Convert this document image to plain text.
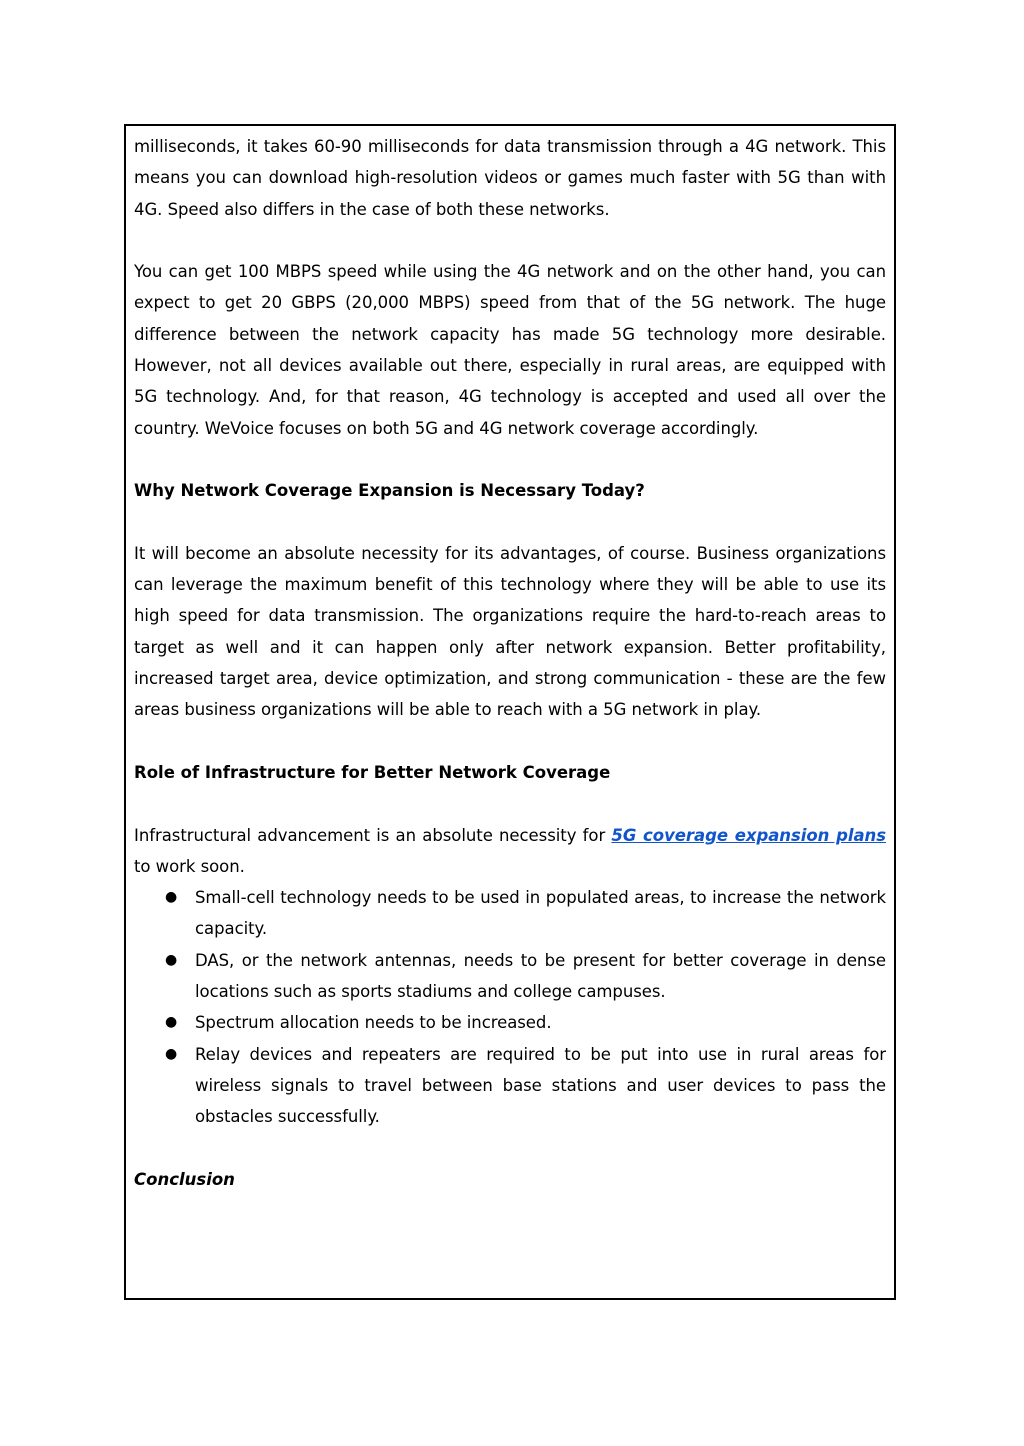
milliseconds, it takes 60-90 milliseconds for data transmission through a 4G network. This means you can download high-resolution videos or games much faster with 5G than with 4G. Speed also differs in the case of both these networks.

You can get 100 MBPS speed while using the 4G network and on the other hand, you can expect to get 20 GBPS (20,000 MBPS) speed from that of the 5G network. The huge difference between the network capacity has made 5G technology more desirable. However, not all devices available out there, especially in rural areas, are equipped with 5G technology. And, for that reason, 4G technology is accepted and used all over the country. WeVoice focuses on both 5G and 4G network coverage accordingly.

Why Network Coverage Expansion is Necessary Today?

It will become an absolute necessity for its advantages, of course. Business organizations can leverage the maximum benefit of this technology where they will be able to use its high speed for data transmission. The organizations require the hard-to-reach areas to target as well and it can happen only after network expansion. Better profitability, increased target area, device optimization, and strong communication - these are the few areas business organizations will be able to reach with a 5G network in play.

Role of Infrastructure for Better Network Coverage

Infrastructural advancement is an absolute necessity for 5G coverage expansion plans to work soon.

● Small-cell technology needs to be used in populated areas, to increase the network capacity.
● DAS, or the network antennas, needs to be present for better coverage in dense locations such as sports stadiums and college campuses.
● Spectrum allocation needs to be increased.
● Relay devices and repeaters are required to be put into use in rural areas for wireless signals to travel between base stations and user devices to pass the obstacles successfully.

Conclusion
